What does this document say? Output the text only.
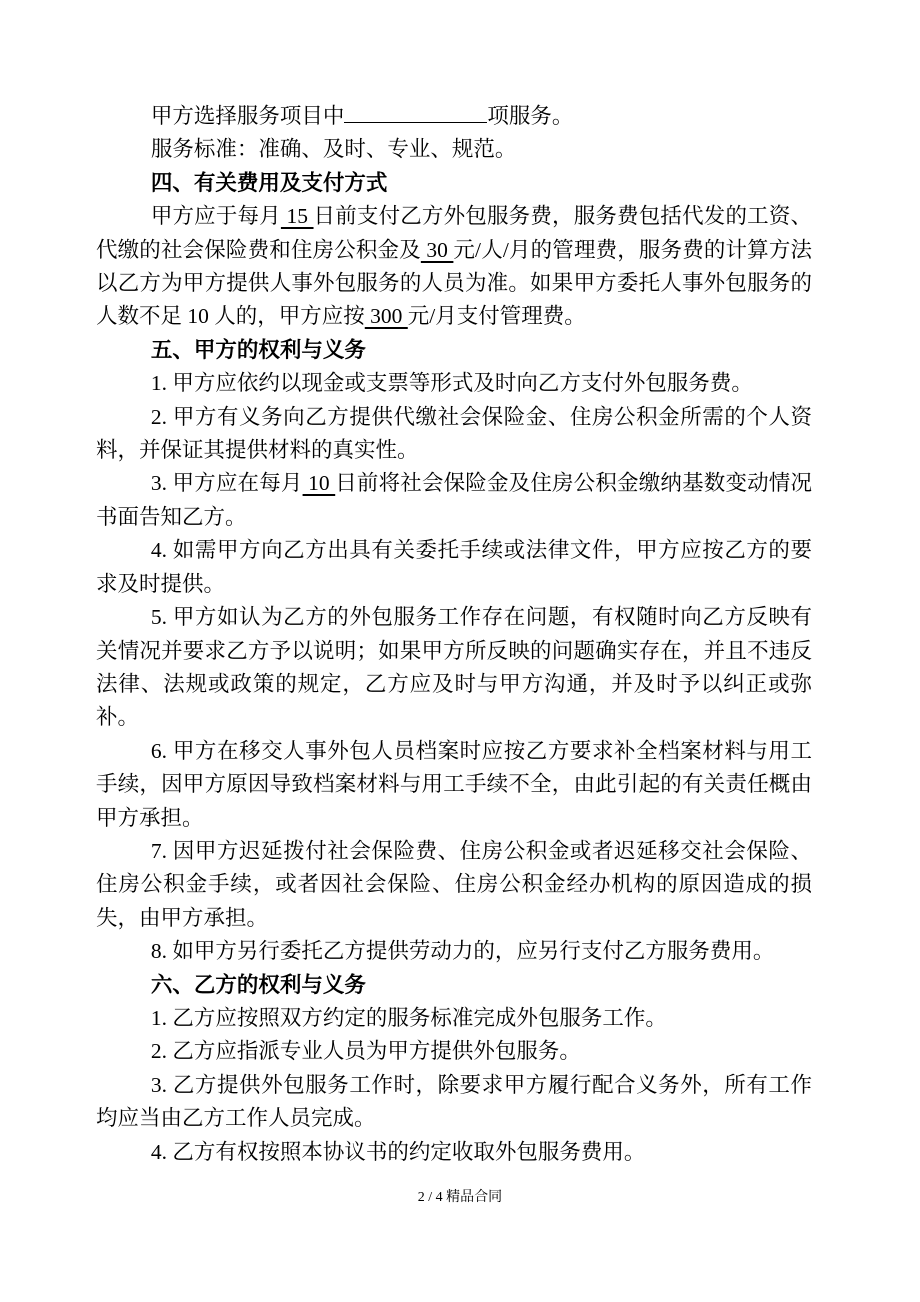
甲方选择服务项目中	项服务。

服务标准：准确、及时、专业、规范。

四、有关费用及支付方式

甲方应于每月 15 日前支付乙方外包服务费，服务费包括代发的工资、代缴的社会保险费和住房公积金及 30 元/人/月的管理费，服务费的计算方法以乙方为甲方提供人事外包服务的人员为准。如果甲方委托人事外包服务的人数不足 10 人的，甲方应按 300 元/月支付管理费。

五、甲方的权利与义务

1. 甲方应依约以现金或支票等形式及时向乙方支付外包服务费。

2. 甲方有义务向乙方提供代缴社会保险金、住房公积金所需的个人资料，并保证其提供材料的真实性。

3. 甲方应在每月 10 日前将社会保险金及住房公积金缴纳基数变动情况书面告知乙方。

4. 如需甲方向乙方出具有关委托手续或法律文件，甲方应按乙方的要求及时提供。

5. 甲方如认为乙方的外包服务工作存在问题，有权随时向乙方反映有关情况并要求乙方予以说明；如果甲方所反映的问题确实存在，并且不违反法律、法规或政策的规定，乙方应及时与甲方沟通，并及时予以纠正或弥补。

6. 甲方在移交人事外包人员档案时应按乙方要求补全档案材料与用工手续，因甲方原因导致档案材料与用工手续不全，由此引起的有关责任概由甲方承担。

7. 因甲方迟延拨付社会保险费、住房公积金或者迟延移交社会保险、住房公积金手续，或者因社会保险、住房公积金经办机构的原因造成的损失，由甲方承担。

8. 如甲方另行委托乙方提供劳动力的，应另行支付乙方服务费用。

六、乙方的权利与义务

1. 乙方应按照双方约定的服务标准完成外包服务工作。

2. 乙方应指派专业人员为甲方提供外包服务。

3. 乙方提供外包服务工作时，除要求甲方履行配合义务外，所有工作均应当由乙方工作人员完成。

4. 乙方有权按照本协议书的约定收取外包服务费用。

2 / 4 精品合同
